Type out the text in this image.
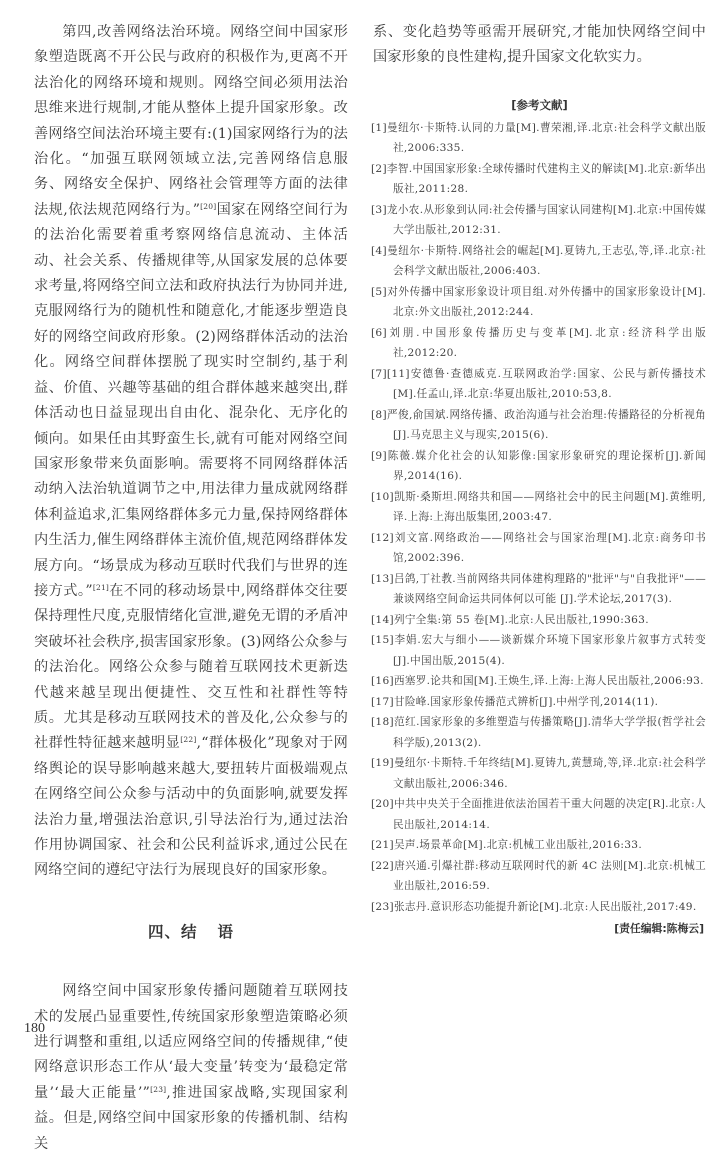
第四,改善网络法治环境。网络空间中国家形象塑造既离不开公民与政府的积极作为,更离不开法治化的网络环境和规则。网络空间必须用法治思维来进行规制,才能从整体上提升国家形象。改善网络空间法治环境主要有:(1)国家网络行为的法治化。“加强互联网领域立法,完善网络信息服务、网络安全保护、网络社会管理等方面的法律法规,依法规范网络行为。”[20]国家在网络空间行为的法治化需要着重考察网络信息流动、主体活动、社会关系、传播规律等,从国家发展的总体要求考量,将网络空间立法和政府执法行为协同并进,克服网络行为的随机性和随意化,才能逐步塑造良好的网络空间政府形象。(2)网络群体活动的法治化。网络空间群体摆脱了现实时空制约,基于利益、价值、兴趣等基础的组合群体越来越突出,群体活动也日益显现出自由化、混杂化、无序化的倾向。如果任由其野蛮生长,就有可能对网络空间国家形象带来负面影响。需要将不同网络群体活动纳入法治轨道调节之中,用法律力量成就网络群体利益追求,汇集网络群体多元力量,保持网络群体内生活力,催生网络群体主流价值,规范网络群体发展方向。“场景成为移动互联时代我们与世界的连接方式。”[21]在不同的移动场景中,网络群体交往要保持理性尺度,克服情绪化宣泄,避免无谓的矛盾冲突破坏社会秩序,损害国家形象。(3)网络公众参与的法治化。网络公众参与随着互联网技术更新迭代越来越呈现出便捷性、交互性和社群性等特质。尤其是移动互联网技术的普及化,公众参与的社群性特征越来越明显[22],“群体极化”现象对于网络舆论的误导影响越来越大,要扭转片面极端观点在网络空间公众参与活动中的负面影响,就要发挥法治力量,增强法治意识,引导法治行为,通过法治作用协调国家、社会和公民利益诉求,通过公民在网络空间的遵纪守法行为展现良好的国家形象。

四、结 语

网络空间中国家形象传播问题随着互联网技术的发展凸显重要性,传统国家形象塑造策略必须进行调整和重组,以适应网络空间的传播规律,“使网络意识形态工作从‘最大变量’转变为‘最稳定常量’‘最大正能量’”[23],推进国家战略,实现国家利益。但是,网络空间中国家形象的传播机制、结构关

系、变化趋势等亟需开展研究,才能加快网络空间中国家形象的良性建构,提升国家文化软实力。

[参考文献]
[1]曼纽尔·卡斯特.认同的力量[M].曹荣湘,译.北京:社会科学文献出版社,2006:335.
[2]李智.中国国家形象:全球传播时代建构主义的解读[M].北京:新华出版社,2011:28.
[3]龙小农.从形象到认同:社会传播与国家认同建构[M].北京:中国传媒大学出版社,2012:31.
[4]曼纽尔·卡斯特.网络社会的崛起[M].夏铸九,王志弘,等,译.北京:社会科学文献出版社,2006:403.
[5]对外传播中国家形象设计项目组.对外传播中的国家形象设计[M].北京:外文出版社,2012:244.
[6]刘朋.中国形象传播历史与变革[M].北京:经济科学出版社,2012:20.
[7][11]安德鲁·查德威克.互联网政治学:国家、公民与新传播技术[M].任孟山,译.北京:华夏出版社,2010:53,8.
[8]严俊,俞国斌.网络传播、政治沟通与社会治理:传播路径的分析视角[J].马克思主义与现实,2015(6).
[9]陈薇.媒介化社会的认知影像:国家形象研究的理论探析[J].新闻界,2014(16).
[10]凯斯·桑斯坦.网络共和国——网络社会中的民主问题[M].黄维明,译.上海:上海出版集团,2003:47.
[12]刘文富.网络政治——网络社会与国家治理[M].北京:商务印书馆,2002:396.
[13]吕鸽,丁社教.当前网络共同体建构理路的"批评"与"自我批评"——兼谈网络空间命运共同体何以可能 [J].学术论坛,2017(3).
[14]列宁全集:第 55 卷[M].北京:人民出版社,1990:363.
[15]李娟.宏大与细小——谈新媒介环境下国家形象片叙事方式转变[J].中国出版,2015(4).
[16]西塞罗.论共和国[M].王焕生,译.上海:上海人民出版社,2006:93.
[17]甘险峰.国家形象传播范式辨析[J].中州学刊,2014(11).
[18]范红.国家形象的多维塑造与传播策略[J].清华大学学报(哲学社会科学版),2013(2).
[19]曼纽尔·卡斯特.千年终结[M].夏铸九,黄慧琦,等,译.北京:社会科学文献出版社,2006:346.
[20]中共中央关于全面推进依法治国若干重大问题的决定[R].北京:人民出版社,2014:14.
[21]吴声.场景革命[M].北京:机械工业出版社,2016:33.
[22]唐兴通.引爆社群:移动互联网时代的新 4C 法则[M].北京:机械工业出版社,2016:59.
[23]张志丹.意识形态功能提升新论[M].北京:人民出版社,2017:49.
[责任编辑:陈梅云]
180
